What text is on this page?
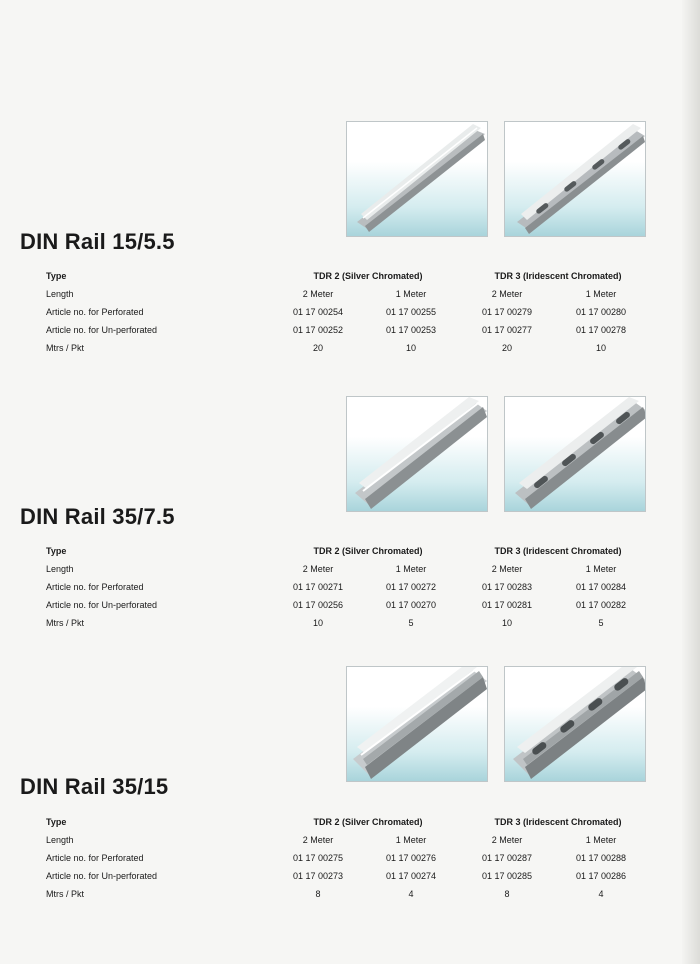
DIN Rail 15/5.5
Type	TDR 2 (Silver Chromated)	TDR 3 (Iridescent Chromated)
Length	2 Meter	1 Meter	2 Meter	1 Meter
Article no. for Perforated	01 17 00254	01 17 00255	01 17 00279	01 17 00280
Article no. for Un-perforated	01 17 00252	01 17 00253	01 17 00277	01 17 00278
Mtrs / Pkt	20	10	20	10
DIN Rail 35/7.5
Type	TDR 2 (Silver Chromated)	TDR 3 (Iridescent Chromated)
Length	2 Meter	1 Meter	2 Meter	1 Meter
Article no. for Perforated	01 17 00271	01 17 00272	01 17 00283	01 17 00284
Article no. for Un-perforated	01 17 00256	01 17 00270	01 17 00281	01 17 00282
Mtrs / Pkt	10	5	10	5
DIN Rail 35/15
Type	TDR 2 (Silver Chromated)	TDR 3 (Iridescent Chromated)
Length	2 Meter	1 Meter	2 Meter	1 Meter
Article no. for Perforated	01 17 00275	01 17 00276	01 17 00287	01 17 00288
Article no. for Un-perforated	01 17 00273	01 17 00274	01 17 00285	01 17 00286
Mtrs / Pkt	8	4	8	4
